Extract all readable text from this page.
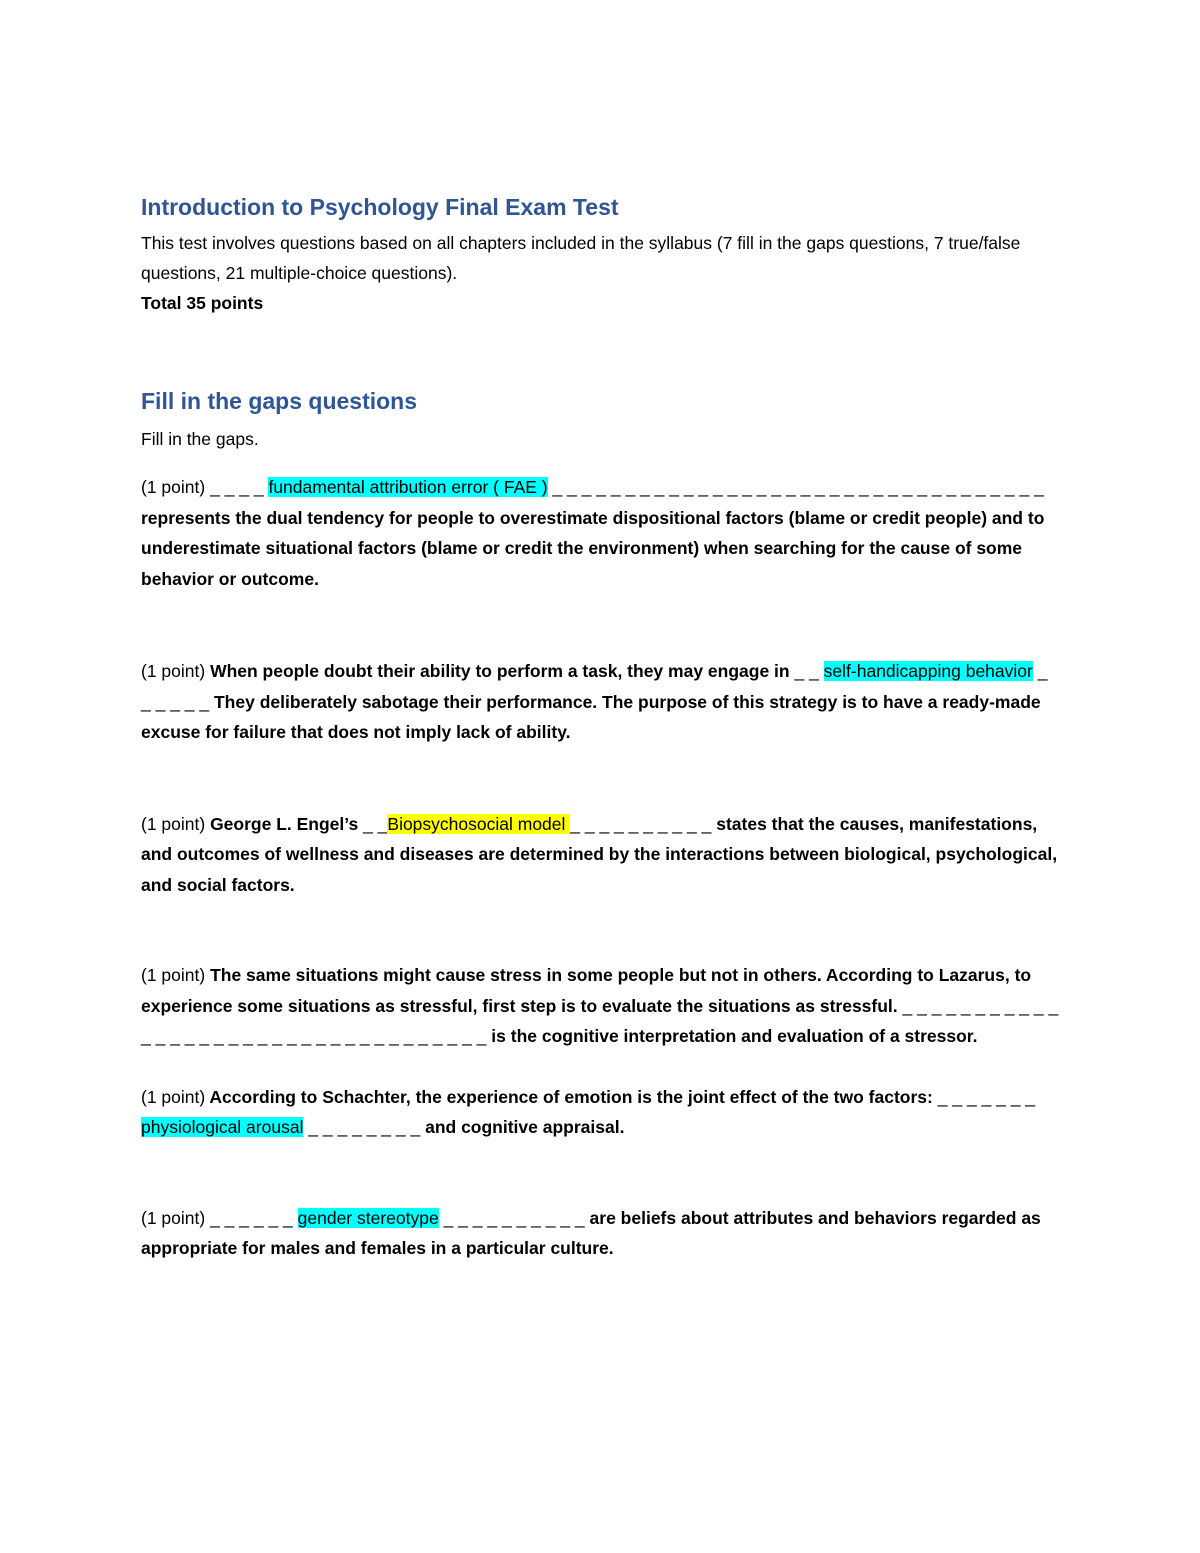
Introduction to Psychology Final Exam Test

This test involves questions based on all chapters included in the syllabus (7 fill in the gaps questions, 7 true/false questions, 21 multiple-choice questions).

Total 35 points

Fill in the gaps questions

Fill in the gaps.

(1 point) _ _ _ _ fundamental attribution error ( FAE ) _ _ _ _ _ _ _ _ _ _ _ _ _ _ _ _ _ _ _ _ _ _ _ _ _ _ _ _ _ _ _ _ _ _ represents the dual tendency for people to overestimate dispositional factors (blame or credit people) and to underestimate situational factors (blame or credit the environment) when searching for the cause of some behavior or outcome.

(1 point) When people doubt their ability to perform a task, they may engage in _ _ self-handicapping behavior _ _ _ _ _ _ They deliberately sabotage their performance. The purpose of this strategy is to have a ready-made excuse for failure that does not imply lack of ability.

(1 point) George L. Engel’s _ _Biopsychosocial model _ _ _ _ _ _ _ _ _ _ states that the causes, manifestations, and outcomes of wellness and diseases are determined by the interactions between biological, psychological, and social factors.

(1 point) The same situations might cause stress in some people but not in others. According to Lazarus, to experience some situations as stressful, first step is to evaluate the situations as stressful. _ _ _ _ _ _ _ _ _ _ _ _ _ _ _ _ _ _ _ _ _ _ _ _ _ _ _ _ _ _ _ _ _ _ _ is the cognitive interpretation and evaluation of a stressor.

(1 point) According to Schachter, the experience of emotion is the joint effect of the two factors: _ _ _ _ _ _ _ physiological arousal _ _ _ _ _ _ _ _ and cognitive appraisal.

(1 point) _ _ _ _ _ _ gender stereotype _ _ _ _ _ _ _ _ _ _ are beliefs about attributes and behaviors regarded as appropriate for males and females in a particular culture.
